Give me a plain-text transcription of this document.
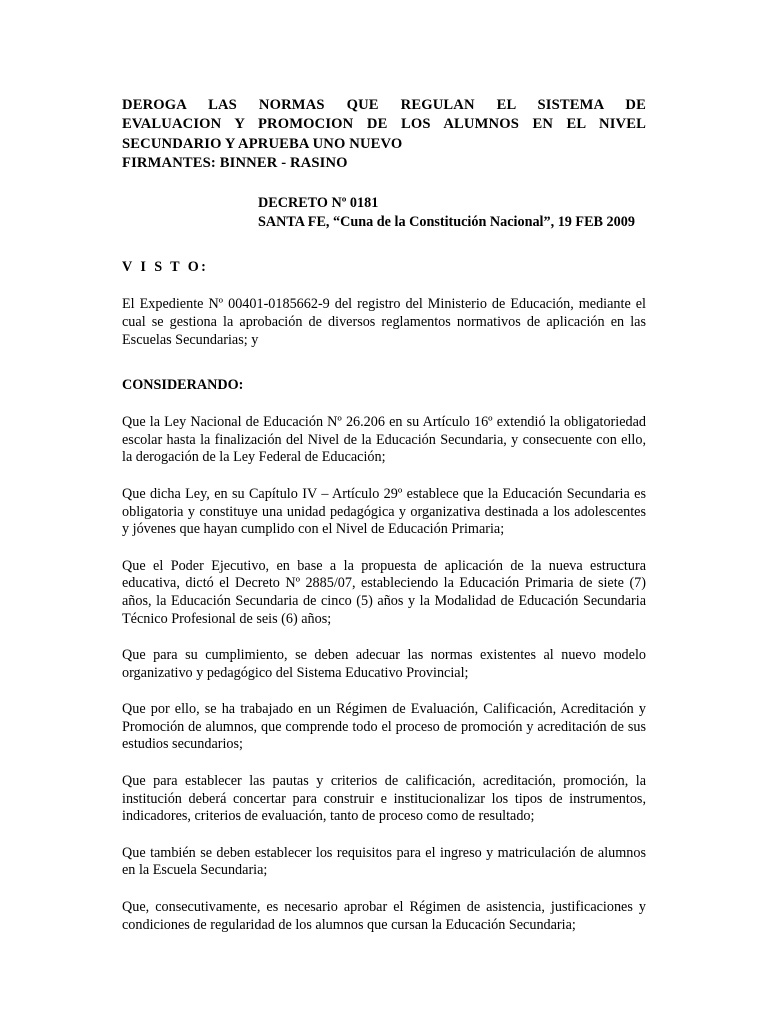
DEROGA LAS NORMAS QUE REGULAN EL SISTEMA DE

EVALUACION Y PROMOCION DE LOS ALUMNOS EN EL NIVEL

SECUNDARIO Y APRUEBA UNO NUEVO

FIRMANTES: BINNER - RASINO

DECRETO Nº 0181

SANTA FE, “Cuna de la Constitución Nacional”, 19 FEB 2009

V I S T O:

El Expediente Nº 00401-0185662-9 del registro del Ministerio de Educación, mediante el cual se gestiona la aprobación de diversos reglamentos normativos de aplicación en las Escuelas Secundarias; y

CONSIDERANDO:

Que la Ley Nacional de Educación Nº 26.206 en su Artículo 16º extendió la obligatoriedad escolar hasta la finalización del Nivel de la Educación Secundaria, y consecuente con ello, la derogación de la Ley Federal de Educación;

Que dicha Ley, en su Capítulo IV – Artículo 29º establece que la Educación Secundaria es obligatoria y constituye una unidad pedagógica y organizativa destinada a los adolescentes y jóvenes que hayan cumplido con el Nivel de Educación Primaria;

Que el Poder Ejecutivo, en base a la propuesta de aplicación de la nueva estructura educativa, dictó el Decreto Nº 2885/07, estableciendo la Educación Primaria de siete (7) años, la Educación Secundaria de cinco (5) años y la Modalidad de Educación Secundaria Técnico Profesional de seis (6) años;

Que para su cumplimiento, se deben adecuar las normas existentes al nuevo modelo organizativo y pedagógico del Sistema Educativo Provincial;

Que por ello, se ha trabajado en un Régimen de Evaluación, Calificación, Acreditación y Promoción de alumnos, que comprende todo el proceso de promoción y acreditación de sus estudios secundarios;

Que para establecer las pautas y criterios de calificación, acreditación, promoción, la institución deberá concertar para construir e institucionalizar los tipos de instrumentos, indicadores, criterios de evaluación, tanto de proceso como de resultado;

Que también se deben establecer los requisitos para el ingreso y matriculación de alumnos en la Escuela Secundaria;

Que, consecutivamente, es necesario aprobar el Régimen de asistencia, justificaciones y condiciones de regularidad de los alumnos que cursan la Educación Secundaria;
